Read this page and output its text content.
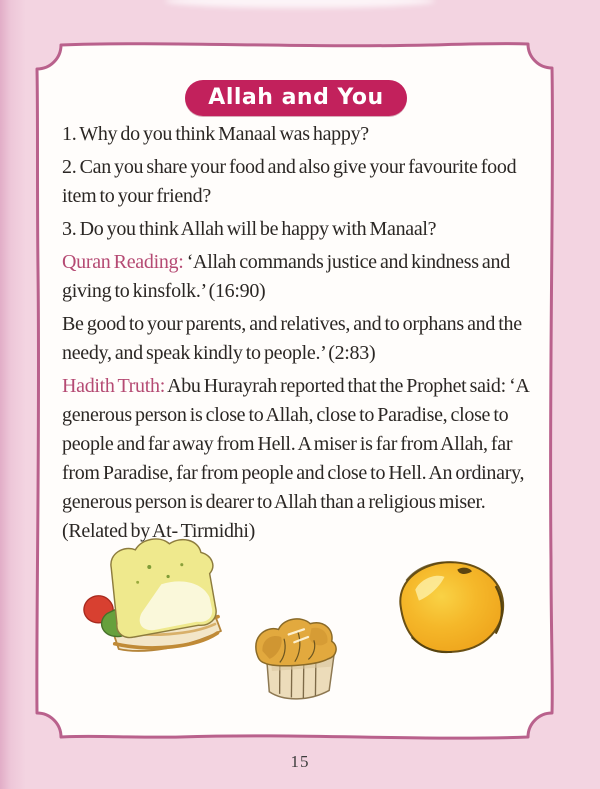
Allah and You

1. Why do you think Manaal was happy?

2. Can you share your food and also give your favourite food item to your friend?

3. Do you think Allah will be happy with Manaal?

Quran Reading: ‘Allah commands justice and kindness and giving to kinsfolk.’ (16:90)

Be good to your parents, and relatives, and to orphans and the needy, and speak kindly to people.’ (2:83)

Hadith Truth: Abu Hurayrah reported that the Prophet said: ‘A generous person is close to Allah, close to Paradise, close to people and far away from Hell. A miser is far from Allah, far from Paradise, far from people and close to Hell. An ordinary, generous person is dearer to Allah than a religious miser. (Related by At- Tirmidhi)

15
